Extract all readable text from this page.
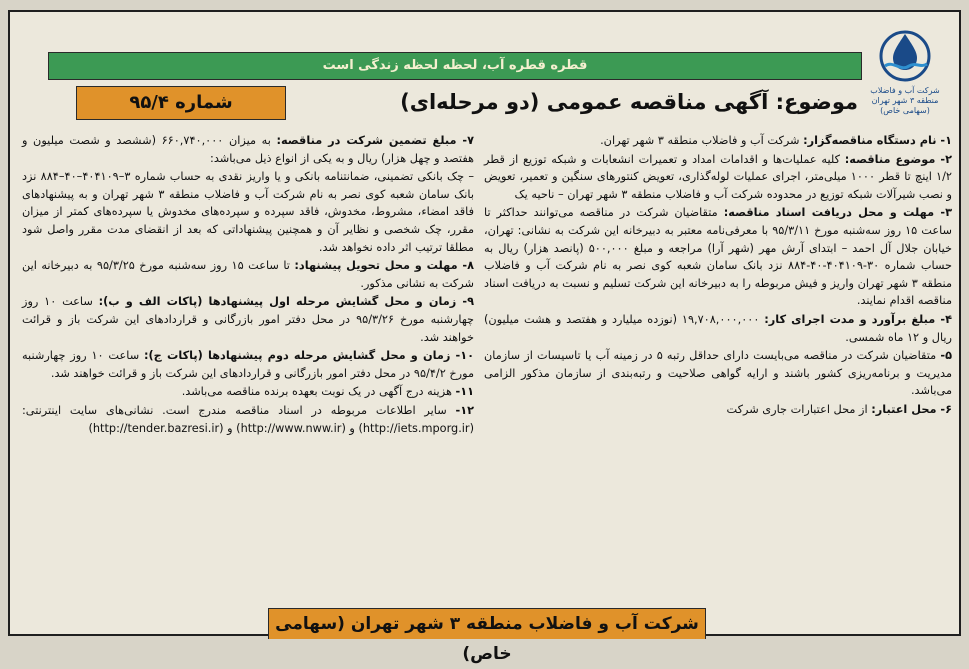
شرکت آب و فاضلاب
منطقه ۳ شهر تهران
(سهامی خاص)
قطره قطره آب، لحظه لحظه زندگی است
موضوع: آگهی مناقصه عمومی (دو مرحله‌ای)
شماره ۹۵/۴

۱- نام دستگاه مناقصه‌گزار: شرکت آب و فاضلاب منطقه ۳ شهر تهران.

۲- موضوع مناقصه: کلیه عملیات‌ها و اقدامات امداد و تعمیرات انشعابات و شبکه توزیع از قطر ۱/۲ اینچ تا قطر ۱۰۰۰ میلی‌متر، اجرای عملیات لوله‌گذاری، تعویض کنتورهای سنگین و تعمیر، تعویض و نصب شیرآلات شبکه توزیع در محدوده شرکت آب و فاضلاب منطقه ۳ شهر تهران – ناحیه یک

۳- مهلت و محل دریافت اسناد مناقصه: متقاضیان شرکت در مناقصه می‌توانند حداکثر تا ساعت ۱۵ روز سه‌شنبه مورخ ۹۵/۳/۱۱ با معرفی‌نامه معتبر به دبیرخانه این شرکت به نشانی: تهران، خیابان جلال آل احمد – ابتدای آرش مهر (شهر آرا) مراجعه و مبلغ ۵۰۰,۰۰۰ (پانصد هزار) ریال به حساب شماره ۳۰-۴۰۴۱۰۹-۴۰-۸۸۴ نزد بانک سامان شعبه کوی نصر به نام شرکت آب و فاضلاب منطقه ۳ شهر تهران واریز و فیش مربوطه را به دبیرخانه این شرکت تسلیم و نسبت به دریافت اسناد مناقصه اقدام نمایند.

۴- مبلغ برآورد و مدت اجرای کار: ۱۹,۷۰۸,۰۰۰,۰۰۰ (نوزده میلیارد و هفتصد و هشت میلیون) ریال و ۱۲ ماه شمسی.

۵- متقاضیان شرکت در مناقصه می‌بایست دارای حداقل رتبه ۵ در زمینه آب یا تاسیسات از سازمان مدیریت و برنامه‌ریزی کشور باشند و ارایه گواهی صلاحیت و رتبه‌بندی از سازمان مذکور الزامی می‌باشد.

۶- محل اعتبار: از محل اعتبارات جاری شرکت

۷- مبلغ تضمین شرکت در مناقصه: به میزان ۶۶۰,۷۴۰,۰۰۰ (ششصد و شصت میلیون و هفتصد و چهل هزار) ریال و به یکی از انواع ذیل می‌باشد:

– چک بانکی تضمینی، ضمانتنامه بانکی و یا واریز نقدی به حساب شماره ۳–۴۰۴۱۰۹–۴۰–۸۸۴ نزد بانک سامان شعبه کوی نصر به نام شرکت آب و فاضلاب منطقه ۳ شهر تهران و به پیشنهادهای فاقد امضاء، مشروط، مخدوش، فاقد سپرده و سپرده‌های مخدوش یا سپرده‌های کمتر از میزان مقرر، چک شخصی و نظایر آن و همچنین پیشنهاداتی که بعد از انقضای مدت مقرر واصل شود مطلقا ترتیب اثر داده نخواهد شد.

۸- مهلت و محل تحویل پیشنهاد: تا ساعت ۱۵ روز سه‌شنبه مورخ ۹۵/۳/۲۵ به دبیرخانه این شرکت به نشانی مذکور.

۹- زمان و محل گشایش مرحله اول پیشنهادها (پاکات الف و ب): ساعت ۱۰ روز چهارشنبه مورخ ۹۵/۳/۲۶ در محل دفتر امور بازرگانی و قراردادهای این شرکت باز و قرائت خواهند شد.

۱۰- زمان و محل گشایش مرحله دوم پیشنهادها (پاکات ج): ساعت ۱۰ روز چهارشنبه مورخ ۹۵/۴/۲ در محل دفتر امور بازرگانی و قراردادهای این شرکت باز و قرائت خواهند شد.

۱۱- هزینه درج آگهی در یک نوبت بعهده برنده مناقصه می‌باشد.

۱۲- سایر اطلاعات مربوطه در اسناد مناقصه مندرج است. نشانی‌های سایت اینترنتی: (http://iets.mporg.ir) و (http://www.nww.ir) و (http://tender.bazresi.ir)

شرکت آب و فاضلاب منطقه ۳ شهر تهران (سهامی خاص)
